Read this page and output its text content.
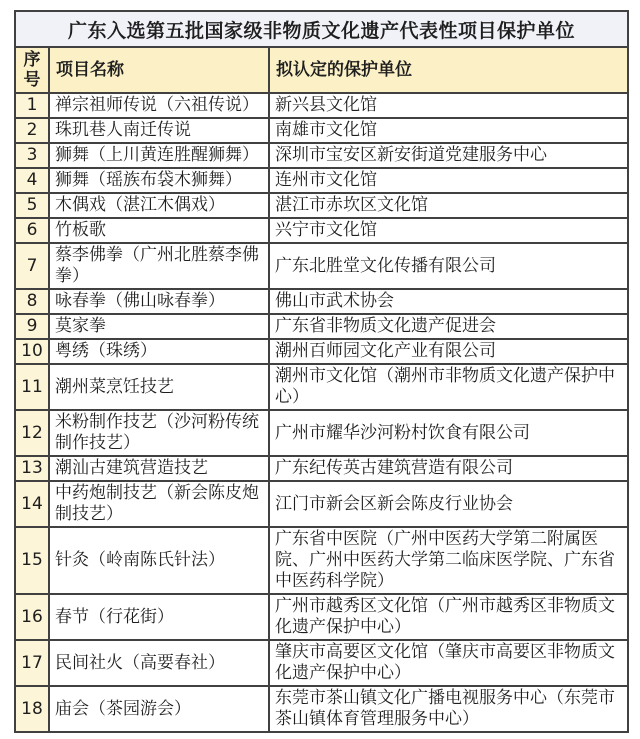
广东入选第五批国家级非物质文化遗产代表性项目保护单位		
序号	项目名称	拟认定的保护单位
1	禅宗祖师传说（六祖传说）	新兴县文化馆
2	珠玑巷人南迁传说	南雄市文化馆
3	狮舞（上川黄连胜醒狮舞）	深圳市宝安区新安街道党建服务中心
4	狮舞（瑶族布袋木狮舞）	连州市文化馆
5	木偶戏（湛江木偶戏）	湛江市赤坎区文化馆
6	竹板歌	兴宁市文化馆
7	蔡李佛拳（广州北胜蔡李佛拳）	广东北胜堂文化传播有限公司
8	咏春拳（佛山咏春拳）	佛山市武术协会
9	莫家拳	广东省非物质文化遗产促进会
10	粤绣（珠绣）	潮州百师园文化产业有限公司
11	潮州菜烹饪技艺	潮州市文化馆（潮州市非物质文化遗产保护中心）
12	米粉制作技艺（沙河粉传统制作技艺）	广州市耀华沙河粉村饮食有限公司
13	潮汕古建筑营造技艺	广东纪传英古建筑营造有限公司
14	中药炮制技艺（新会陈皮炮制技艺）	江门市新会区新会陈皮行业协会
15	针灸（岭南陈氏针法）	广东省中医院（广州中医药大学第二附属医院、广州中医药大学第二临床医学院、广东省中医药科学院）
16	春节（行花街）	广州市越秀区文化馆（广州市越秀区非物质文化遗产保护中心）
17	民间社火（高要春社）	肇庆市高要区文化馆（肇庆市高要区非物质文化遗产保护中心）
18	庙会（茶园游会）	东莞市茶山镇文化广播电视服务中心（东莞市茶山镇体育管理服务中心）
